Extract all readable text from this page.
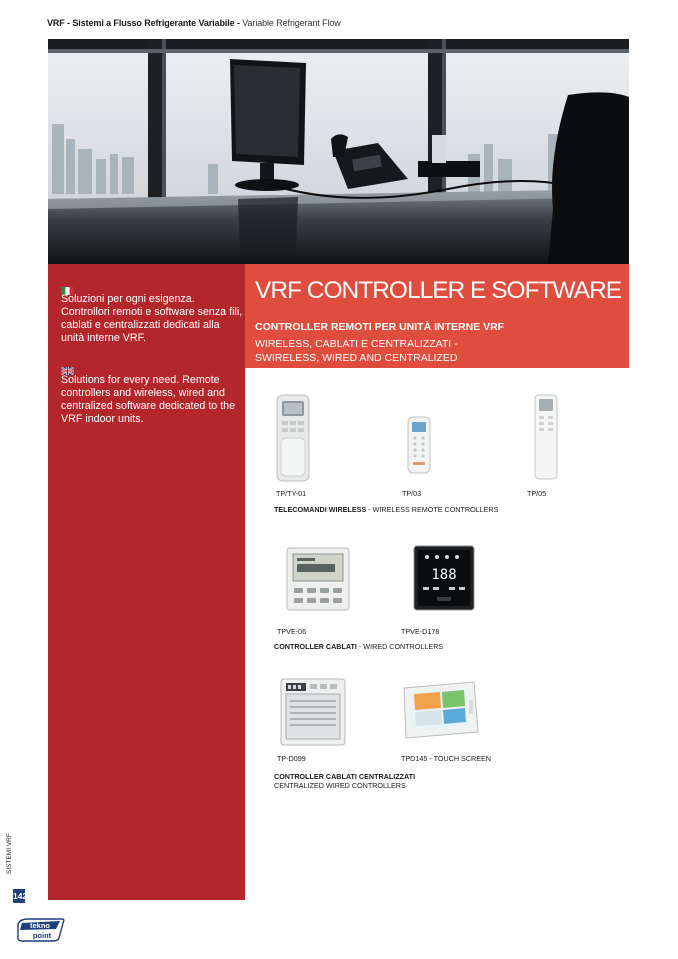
VRF - Sistemi a Flusso Refrigerante Variabile - Variable Refrigerant Flow
Soluzioni per ogni esigenza. Controllori remoti e software senza fili, cablati e centralizzati dedicati alla unità interne VRF.
Solutions for every need. Remote controllers and wireless, wired and centralized software dedicated to the VRF indoor units.
VRF CONTROLLER E SOFTWARE
CONTROLLER REMOTI PER UNITÀ INTERNE VRF
WIRELESS, CABLATI E CENTRALIZZATI -
SWIRELESS, WIRED AND CENTRALIZED
TP/TY-01	TP/03	TP/05
TELECOMANDI WIRELESS - WIRELESS REMOTE CONTROLLERS
TPVE-06
188
TPVE-D178
CONTROLLER CABLATI - WIRED CONTROLLERS
TP-D099	TPD145 - TOUCH SCREEN
CONTROLLER CABLATI CENTRALIZZATI
CENTRALIZED WIRED CONTROLLERS
SISTEMI VRF
142
tekno
point
